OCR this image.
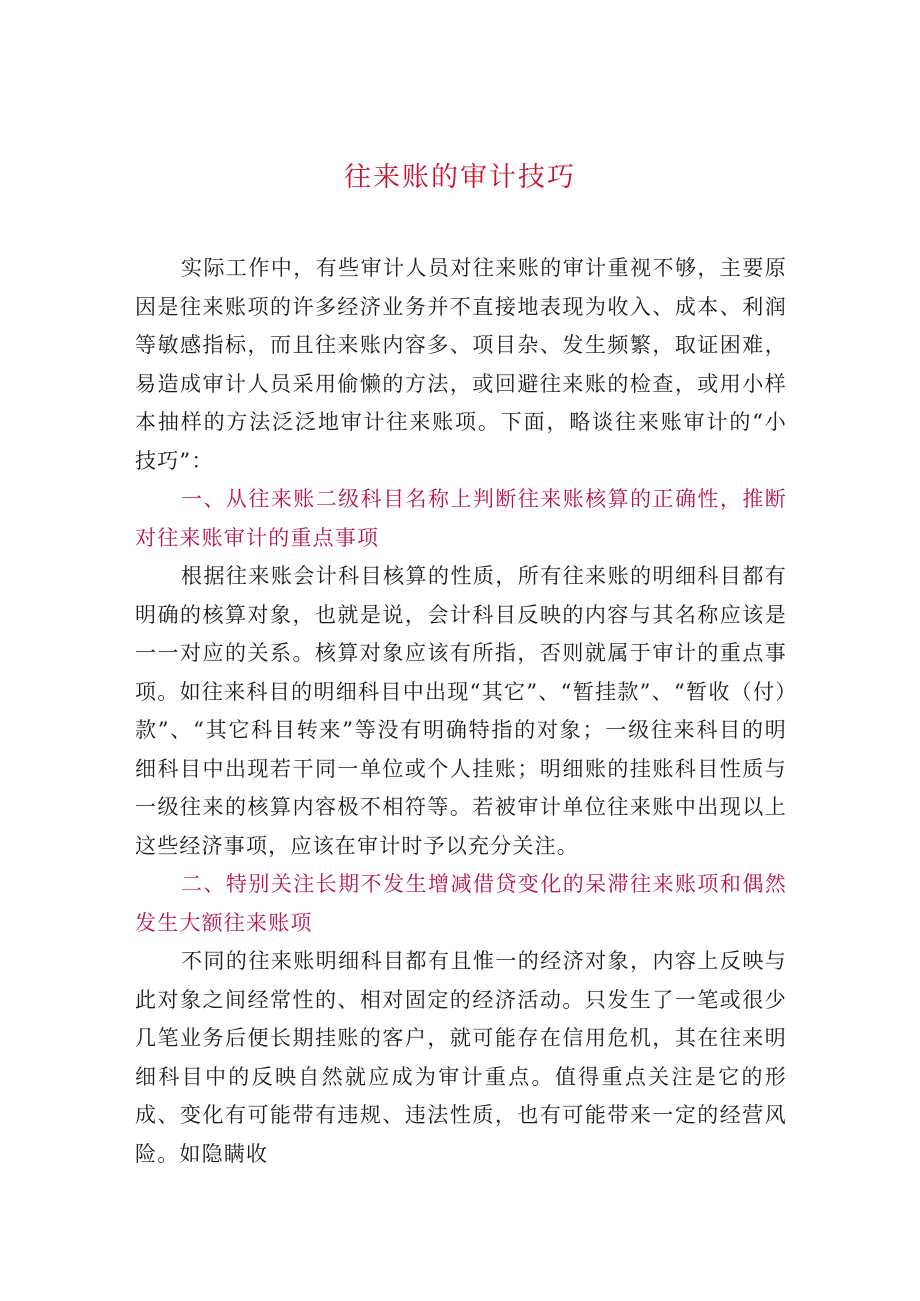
往来账的审计技巧

实际工作中，有些审计人员对往来账的审计重视不够，主要原因是往来账项的许多经济业务并不直接地表现为收入、成本、利润等敏感指标，而且往来账内容多、项目杂、发生频繁，取证困难，易造成审计人员采用偷懒的方法，或回避往来账的检查，或用小样本抽样的方法泛泛地审计往来账项。下面，略谈往来账审计的“小技巧”：

一、从往来账二级科目名称上判断往来账核算的正确性，推断对往来账审计的重点事项

根据往来账会计科目核算的性质，所有往来账的明细科目都有明确的核算对象，也就是说，会计科目反映的内容与其名称应该是一一对应的关系。核算对象应该有所指，否则就属于审计的重点事项。如往来科目的明细科目中出现“其它”、“暂挂款”、“暂收（付）款”、“其它科目转来”等没有明确特指的对象；一级往来科目的明细科目中出现若干同一单位或个人挂账；明细账的挂账科目性质与一级往来的核算内容极不相符等。若被审计单位往来账中出现以上这些经济事项，应该在审计时予以充分关注。

二、特别关注长期不发生增减借贷变化的呆滞往来账项和偶然发生大额往来账项

不同的往来账明细科目都有且惟一的经济对象，内容上反映与此对象之间经常性的、相对固定的经济活动。只发生了一笔或很少几笔业务后便长期挂账的客户，就可能存在信用危机，其在往来明细科目中的反映自然就应成为审计重点。值得重点关注是它的形成、变化有可能带有违规、违法性质，也有可能带来一定的经营风险。如隐瞒收
